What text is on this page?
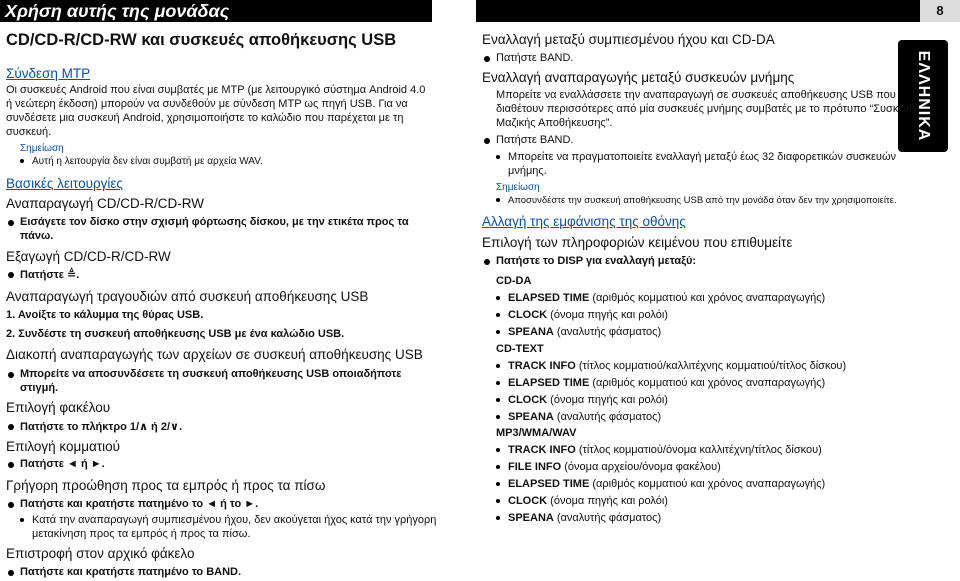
Χρήση αυτής της μονάδας	8
ΕΛΛΗΝΙΚΑ
CD/CD-R/CD-RW και συσκευές αποθήκευσης USB
Σύνδεση MTP
Οι συσκευές Android που είναι συμβατές με MTP (με λειτουργικό σύστημα Android 4.0
ή νεώτερη έκδοση) μπορούν να συνδεθούν με σύνδεση MTP ως πηγή USB. Για να
συνδέσετε μια συσκευή Android, χρησιμοποιήστε το καλώδιο που παρέχεται με τη
συσκευή.
Σημείωση
Αυτή η λειτουργία δεν είναι συμβατή με αρχεία WAV.
Βασικές λειτουργίες
Αναπαραγωγή CD/CD-R/CD-RW
Εισάγετε τον δίσκο στην σχισμή φόρτωσης δίσκου, με την ετικέτα προς τα
πάνω.
Εξαγωγή CD/CD-R/CD-RW
Πατήστε ≜.
Αναπαραγωγή τραγουδιών από συσκευή αποθήκευσης USB
1. Ανοίξτε το κάλυμμα της θύρας USB.
2. Συνδέστε τη συσκευή αποθήκευσης USB με ένα καλώδιο USB.
Διακοπή αναπαραγωγής των αρχείων σε συσκευή αποθήκευσης USB
Μπορείτε να αποσυνδέσετε τη συσκευή αποθήκευσης USB οποιαδήποτε
στιγμή.
Επιλογή φακέλου
Πατήστε το πλήκτρο 1/∧ ή 2/∨.
Επιλογή κομματιού
Πατήστε ◄ ή ►.
Γρήγορη προώθηση προς τα εμπρός ή προς τα πίσω
Πατήστε και κρατήστε πατημένο το ◄ ή το ►.
Κατά την αναπαραγωγή συμπιεσμένου ήχου, δεν ακούγεται ήχος κατά την γρήγορη
μετακίνηση προς τα εμπρός ή προς τα πίσω.
Επιστροφή στον αρχικό φάκελο
Πατήστε και κρατήστε πατημένο το BAND.
Εναλλαγή μεταξύ συμπιεσμένου ήχου και CD-DA
Πατήστε BAND.
Εναλλαγή αναπαραγωγής μεταξύ συσκευών μνήμης
Μπορείτε να εναλλάσσετε την αναπαραγωγή σε συσκευές αποθήκευσης USB που
διαθέτουν περισσότερες από μία συσκευές μνήμης συμβατές με το πρότυπο “Συσκευή
Μαζικής Αποθήκευσης”.
Πατήστε BAND.
Μπορείτε να πραγματοποιείτε εναλλαγή μεταξύ έως 32 διαφορετικών συσκευών
μνήμης.
Σημείωση
Αποσυνδέστε την συσκευή αποθήκευσης USB από την μονάδα όταν δεν την χρησιμοποιείτε.
Αλλαγή της εμφάνισης της οθόνης
Επιλογή των πληροφοριών κειμένου που επιθυμείτε
Πατήστε το DISP για εναλλαγή μεταξύ:
CD-DA
CD-TEXT
MP3/WMA/WAV
ELAPSED TIME (αριθμός κομματιού και χρόνος αναπαραγωγής)
CLOCK (όνομα πηγής και ρολόι)
SPEANA (αναλυτής φάσματος)
TRACK INFO (τίτλος κομματιού/καλλιτέχνης κομματιού/τίτλος δίσκου)
ELAPSED TIME (αριθμός κομματιού και χρόνος αναπαραγωγής)
CLOCK (όνομα πηγής και ρολόι)
SPEANA (αναλυτής φάσματος)
TRACK INFO (τίτλος κομματιού/όνομα καλλιτέχνη/τίτλος δίσκου)
FILE INFO (όνομα αρχείου/όνομα φακέλου)
ELAPSED TIME (αριθμός κομματιού και χρόνος αναπαραγωγής)
CLOCK (όνομα πηγής και ρολόι)
SPEANA (αναλυτής φάσματος)
